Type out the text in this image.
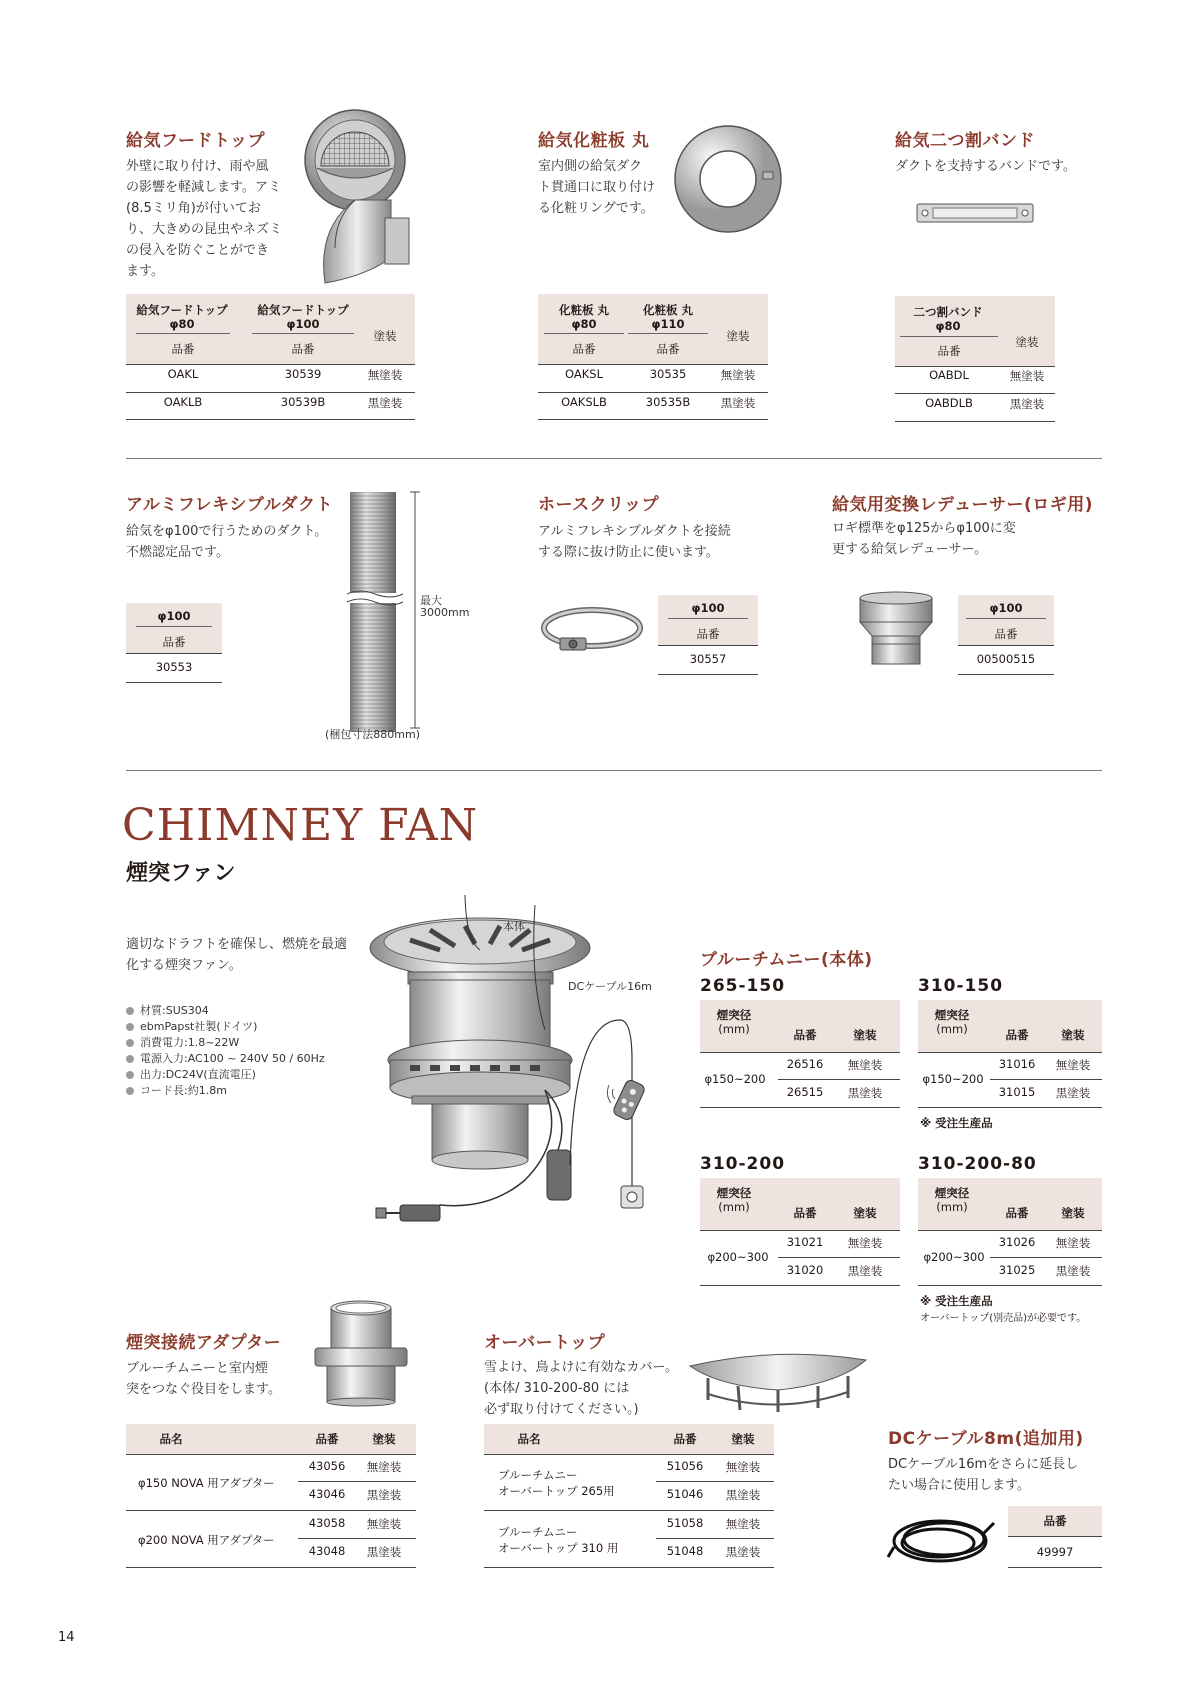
給気フードトップ
外壁に取り付け、雨や風
の影響を軽減します。アミ
(8.5ミリ角)が付いてお
り、大きめの昆虫やネズミ
の侵入を防ぐことができ
ます。
給気フードトップ
φ80
給気フードトップ
φ100
品番	品番
塗装
OAKL	30539	無塗装
OAKLB	30539B	黒塗装
給気化粧板 丸
室内側の給気ダク
ト貫通口に取り付け
る化粧リングです。
化粧板 丸
φ80
化粧板 丸
φ110
品番	品番
塗装
OAKSL	30535	無塗装
OAKSLB	30535B	黒塗装
給気二つ割バンド
ダクトを支持するバンドです。
二つ割バンド
φ80
品番
塗装
OABDL	無塗装
OABDLB	黒塗装
アルミフレキシブルダクト
給気をφ100で行うためのダクト。
不燃認定品です。
φ100
品番
30553
最大
3000mm
(梱包寸法880mm)
ホースクリップ
アルミフレキシブルダクトを接続
する際に抜け防止に使います。
φ100
品番
30557
給気用変換レデューサー(ロギ用)
ロギ標準をφ125からφ100に変
更する給気レデューサー。
φ100
品番
00500515
CHIMNEY FAN
煙突ファン
適切なドラフトを確保し、燃焼を最適
化する煙突ファン。
材質:SUS304
ebmPapst社製(ドイツ)
消費電力:1.8~22W
電源入力:AC100 ~ 240V 50 / 60Hz
出力:DC24V(直流電圧)
コード長:約1.8m
本体
DCケーブル16m
ブルーチムニー(本体)
265-150
煙突径
(mm)	品番	塗装
φ150~200
26516	無塗装
26515	黒塗装
310-150
煙突径
(mm)	品番	塗装
φ150~200
31016	無塗装
31015	黒塗装
※ 受注生産品
310-200
煙突径
(mm)	品番	塗装
φ200~300
31021	無塗装
31020	黒塗装
310-200-80
煙突径
(mm)	品番	塗装
φ200~300
31026	無塗装
31025	黒塗装
※ 受注生産品
オーバートップ(別売品)が必要です。
煙突接続アダプター
ブルーチムニーと室内煙
突をつなぐ役目をします。
品名	品番	塗装
φ150 NOVA 用アダプター
43056	無塗装
43046	黒塗装
φ200 NOVA 用アダプター
43058	無塗装
43048	黒塗装
オーバートップ
雪よけ、鳥よけに有効なカバー。
(本体/ 310-200-80 には
必ず取り付けてください。)
品名	品番	塗装
ブルーチムニー
オーバートップ 265用
51056	無塗装
51046	黒塗装
ブルーチムニー
オーバートップ 310 用
51058	無塗装
51048	黒塗装
DCケーブル8m(追加用)
DCケーブル16mをさらに延長し
たい場合に使用します。
品番
49997
14
